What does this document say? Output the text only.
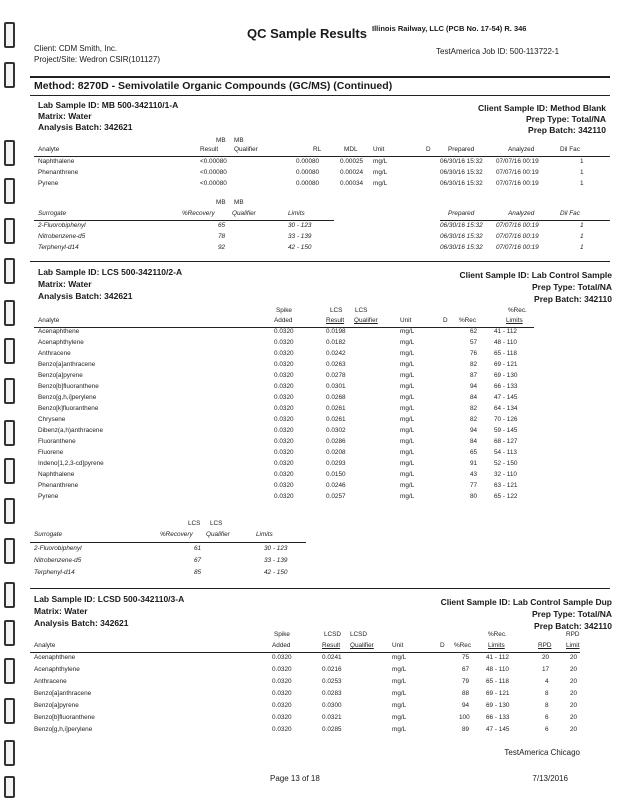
QC Sample Results Illinois Railway, LLC (PCB No. 17-54) R. 346
Client: CDM Smith, Inc.
Project/Site: Wedron CSIR(101127)
TestAmerica Job ID: 500-113722-1
Method: 8270D - Semivolatile Organic Compounds (GC/MS) (Continued)
Lab Sample ID: MB 500-342110/1-A
Matrix: Water
Analysis Batch: 342621
Client Sample ID: Method Blank
Prep Type: Total/NA
Prep Batch: 342110
MB MB
Analyte	Result Qualifier	RL	MDL Unit	D	Prepared	Analyzed	Dil Fac
Naphthalene	<0.00080	0.00080	0.00025 mg/L	06/30/16 15:32 07/07/16 00:19	1
Phenanthrene	<0.00080	0.00080	0.00024 mg/L	06/30/16 15:32 07/07/16 00:19	1
Pyrene	<0.00080	0.00080	0.00034 mg/L	06/30/16 15:32 07/07/16 00:19	1
MB MB
Surrogate	%Recovery	Qualifier	Limits	Prepared	Analyzed	Dil Fac
2-Fluorobiphenyl	65	30 - 123	06/30/16 15:32 07/07/16 00:19	1
Nitrobenzene-d5	78	33 - 139	06/30/16 15:32 07/07/16 00:19	1
Terphenyl-d14	92	42 - 150	06/30/16 15:32 07/07/16 00:19	1
Lab Sample ID: LCS 500-342110/2-A
Matrix: Water
Analysis Batch: 342621
Client Sample ID: Lab Control Sample
Prep Type: Total/NA
Prep Batch: 342110
Spike	LCS LCS	%Rec.
Analyte	Added	Result Qualifier	Unit	D %Rec	Limits
Acenaphthene	0.0320	0.0198	mg/L	62	41 - 112
Acenaphthylene	0.0320	0.0182	mg/L	57	48 - 110
Anthracene	0.0320	0.0242	mg/L	76	65 - 118
Benzo[a]anthracene	0.0320	0.0263	mg/L	82	69 - 121
Benzo[a]pyrene	0.0320	0.0278	mg/L	87	69 - 130
Benzo[b]fluoranthene	0.0320	0.0301	mg/L	94	66 - 133
Benzo[g,h,i]perylene	0.0320	0.0268	mg/L	84	47 - 145
Benzo[k]fluoranthene	0.0320	0.0261	mg/L	82	64 - 134
Chrysene	0.0320	0.0261	mg/L	82	70 - 126
Dibenz(a,h)anthracene	0.0320	0.0302	mg/L	94	59 - 145
Fluoranthene	0.0320	0.0286	mg/L	84	68 - 127
Fluorene	0.0320	0.0208	mg/L	65	54 - 113
Indeno[1,2,3-cd]pyrene	0.0320	0.0293	mg/L	91	52 - 150
Naphthalene	0.0320	0.0150	mg/L	43	32 - 110
Phenanthrene	0.0320	0.0246	mg/L	77	63 - 121
Pyrene	0.0320	0.0257	mg/L	80	65 - 122
LCS LCS
Surrogate	%Recovery Qualifier	Limits
2-Fluorobiphenyl	61	30 - 123
Nitrobenzene-d5	67	33 - 139
Terphenyl-d14	85	42 - 150
Lab Sample ID: LCSD 500-342110/3-A
Matrix: Water
Analysis Batch: 342621
Client Sample ID: Lab Control Sample Dup
Prep Type: Total/NA
Prep Batch: 342110
Spike	LCSD LCSD	%Rec.	RPD
Analyte	Added	Result Qualifier	Unit	D %Rec	Limits	RPD Limit
Acenaphthene	0.0320	0.0241	mg/L	75	41 - 112	20	20
Acenaphthylene	0.0320	0.0216	mg/L	67	48 - 110	17	20
Anthracene	0.0320	0.0253	mg/L	79	65 - 118	4	20
Benzo[a]anthracene	0.0320	0.0283	mg/L	88	69 - 121	8	20
Benzo[a]pyrene	0.0320	0.0300	mg/L	94	69 - 130	8	20
Benzo[b]fluoranthene	0.0320	0.0321	mg/L	100	66 - 133	6	20
Benzo[g,h,i]perylene	0.0320	0.0285	mg/L	89	47 - 145	6	20
TestAmerica Chicago
Page 13 of 18	7/13/2016
